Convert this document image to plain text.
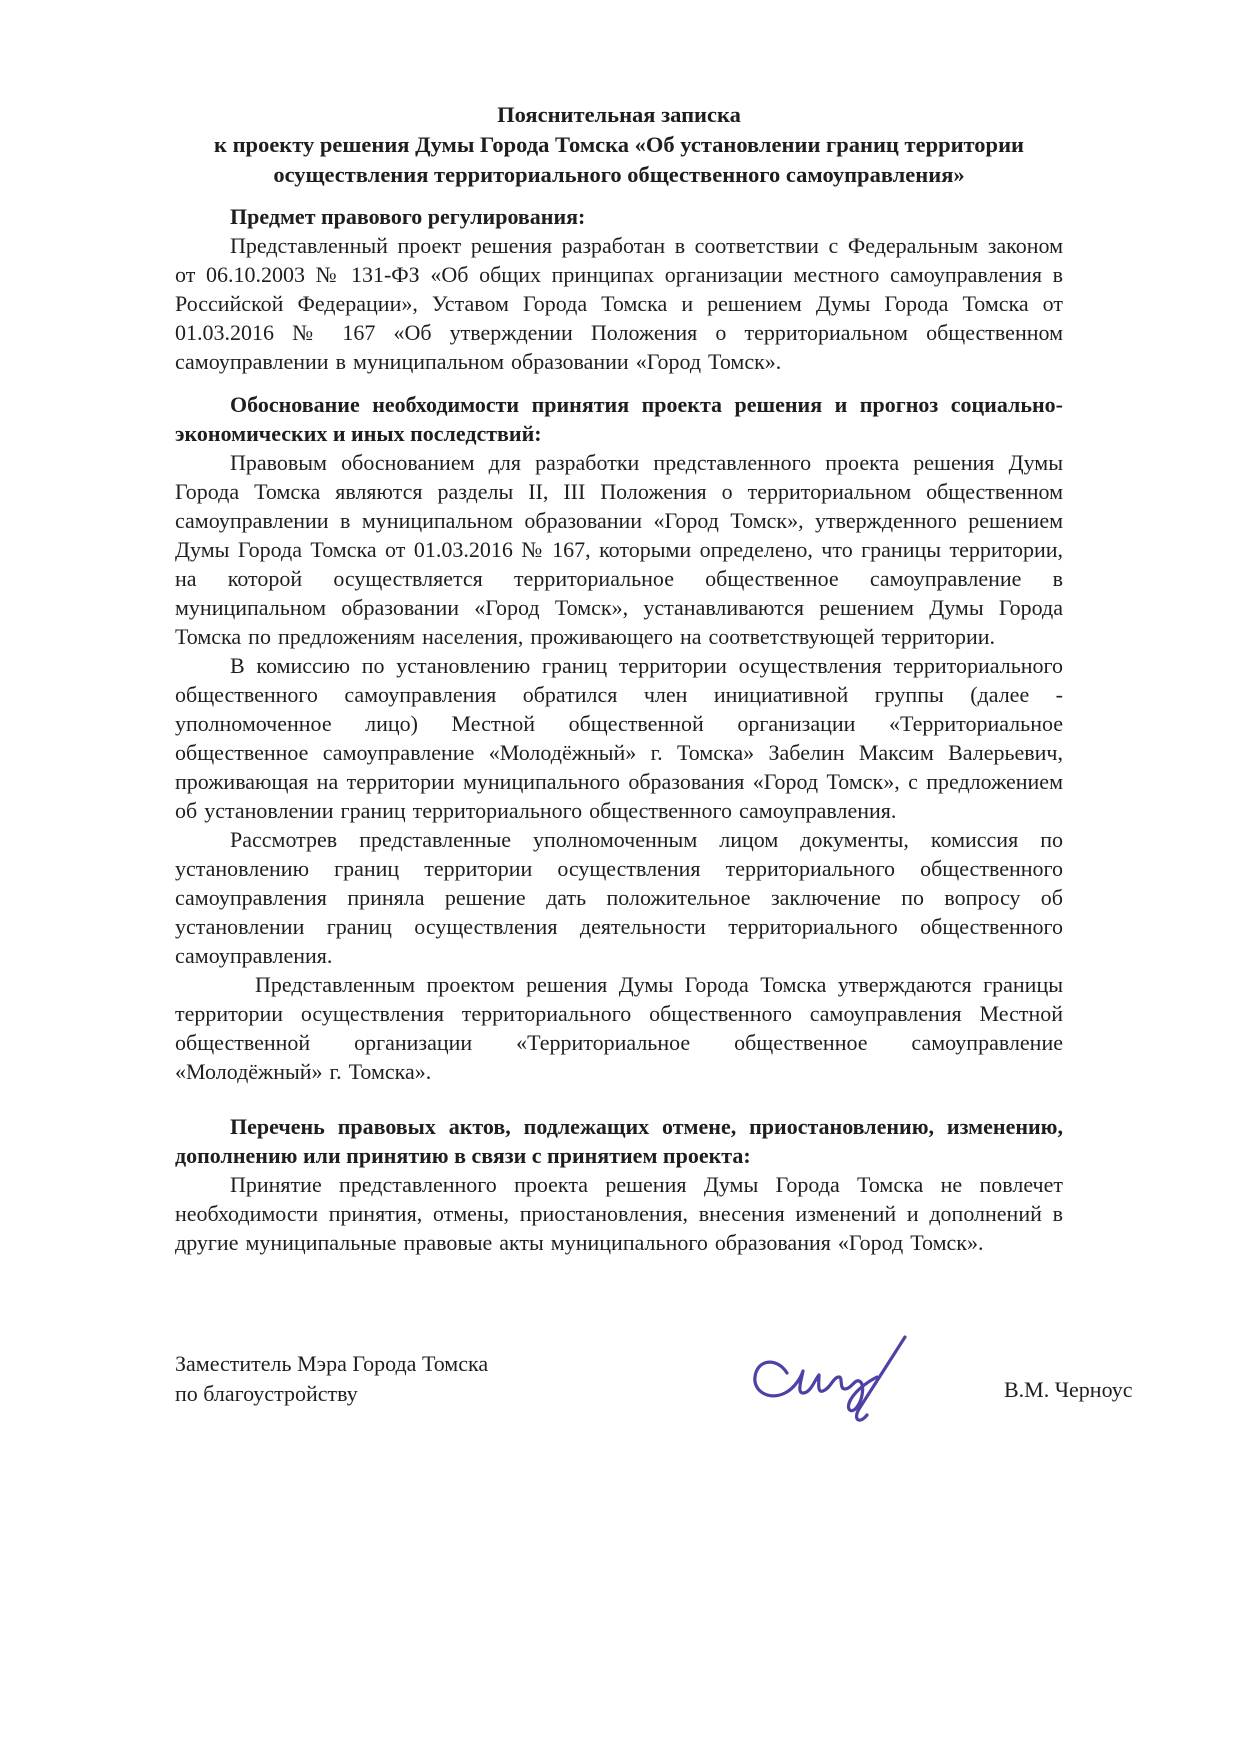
Пояснительная записка
к проекту решения Думы Города Томска «Об установлении границ территории
осуществления территориального общественного самоуправления»
Предмет правового регулирования:

Представленный проект решения разработан в соответствии с Федеральным законом от 06.10.2003 № 131-ФЗ «Об общих принципах организации местного самоуправления в Российской Федерации», Уставом Города Томска и решением Думы Города Томска от 01.03.2016 № 167 «Об утверждении Положения о территориальном общественном самоуправлении в муниципальном образовании «Город Томск».

Обоснование необходимости принятия проекта решения и прогноз социально-экономических и иных последствий:

Правовым обоснованием для разработки представленного проекта решения Думы Города Томска являются разделы II, III Положения о территориальном общественном самоуправлении в муниципальном образовании «Город Томск», утвержденного решением Думы Города Томска от 01.03.2016 № 167, которыми определено, что границы территории, на которой осуществляется территориальное общественное самоуправление в муниципальном образовании «Город Томск», устанавливаются решением Думы Города Томска по предложениям населения, проживающего на соответствующей территории.

В комиссию по установлению границ территории осуществления территориального общественного самоуправления обратился член инициативной группы (далее - уполномоченное лицо) Местной общественной организации «Территориальное общественное самоуправление «Молодёжный» г. Томска» Забелин Максим Валерьевич, проживающая на территории муниципального образования «Город Томск», с предложением об установлении границ территориального общественного самоуправления.

Рассмотрев представленные уполномоченным лицом документы, комиссия по установлению границ территории осуществления территориального общественного самоуправления приняла решение дать положительное заключение по вопросу об установлении границ осуществления деятельности территориального общественного самоуправления.

Представленным проектом решения Думы Города Томска утверждаются границы территории осуществления территориального общественного самоуправления Местной общественной организации «Территориальное общественное самоуправление «Молодёжный» г. Томска».

Перечень правовых актов, подлежащих отмене, приостановлению, изменению, дополнению или принятию в связи с принятием проекта:

Принятие представленного проекта решения Думы Города Томска не повлечет необходимости принятия, отмены, приостановления, внесения изменений и дополнений в другие муниципальные правовые акты муниципального образования «Город Томск».

Заместитель Мэра Города Томска
по благоустройству	В.М. Черноус
